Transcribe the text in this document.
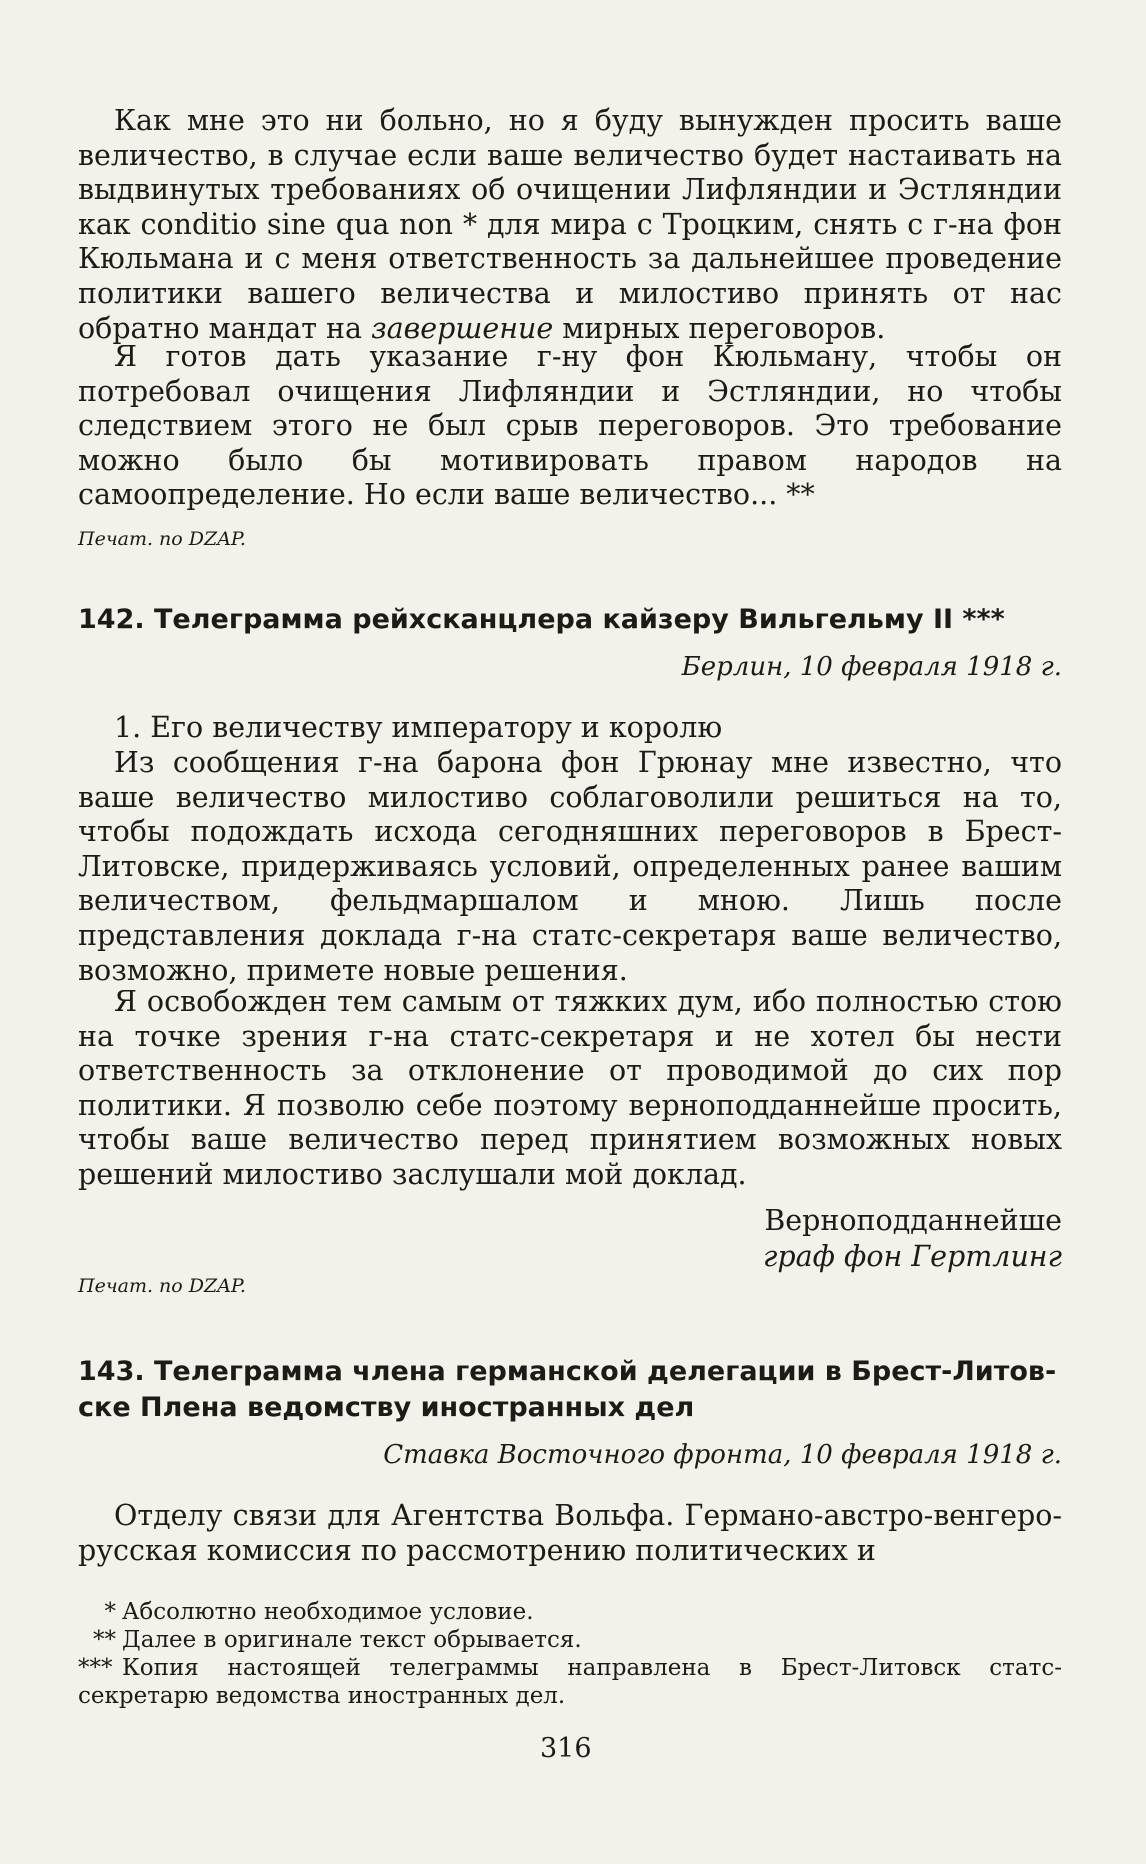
Как мне это ни больно, но я буду вынужден просить ваше величество, в случае если ваше величество будет настаивать на выдвинутых требованиях об очищении Лифляндии и Эстляндии как conditio sine qua non * для мира с Троцким, снять с г-на фон Кюльмана и с меня ответственность за дальнейшее проведение политики вашего величества и милостиво принять от нас обратно мандат на завершение мирных переговоров.

Я готов дать указание г-ну фон Кюльману, чтобы он потребовал очищения Лифляндии и Эстляндии, но чтобы следствием этого не был срыв переговоров. Это требование можно было бы мотивировать правом народов на самоопределение. Но если ваше величество... **

Печат. по DZAP.

142. Телеграмма рейхсканцлера кайзеру Вильгельму II ***

Берлин, 10 февраля 1918 г.

1. Его величеству императору и королю

Из сообщения г-на барона фон Грюнау мне известно, что ваше величество милостиво соблаговолили решиться на то, чтобы подождать исхода сегодняшних переговоров в Брест-Литовске, придерживаясь условий, определенных ранее вашим величеством, фельдмаршалом и мною. Лишь после представления доклада г-на статс-секретаря ваше величество, возможно, примете новые решения.

Я освобожден тем самым от тяжких дум, ибо полностью стою на точке зрения г-на статс-секретаря и не хотел бы нести ответственность за отклонение от проводимой до сих пор политики. Я позволю себе поэтому верноподданнейше просить, чтобы ваше величество перед принятием возможных новых решений милостиво заслушали мой доклад.

Верноподданнейше

граф фон Гертлинг

Печат. по DZAP.

143. Телеграмма члена германской делегации в Брест-Литов-

ске Плена ведомству иностранных дел

Ставка Восточного фронта, 10 февраля 1918 г.

Отделу связи для Агентства Вольфа. Германо-австро-венгеро-русская комиссия по рассмотрению политических и

* Абсолютно необходимое условие.

** Далее в оригинале текст обрывается.

*** Копия настоящей телеграммы направлена в Брест-Литовск статс-секретарю ведомства иностранных дел.

316
